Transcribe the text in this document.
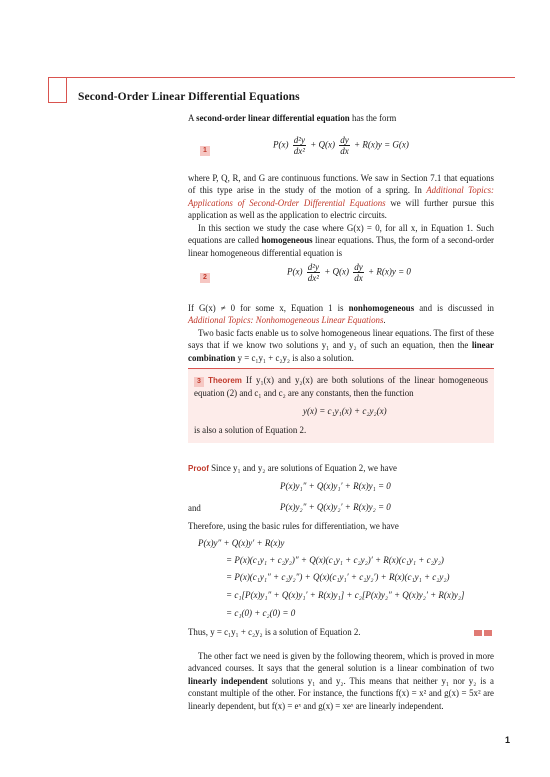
Second-Order Linear Differential Equations
A second-order linear differential equation has the form
1
$P(x) \frac{\text{d²y}}{\text{dx²}} + Q(x) \frac{dy}{dx} + R(x)y = G(x)$
where P, Q, R, and G are continuous functions. We saw in Section 7.1 that equations of this type arise in the study of the motion of a spring. In Additional Topics: Applications of Second-Order Differential Equations we will further pursue this application as well as the application to electric circuits.
In this section we study the case where G(x) = 0, for all x, in Equation 1. Such equations are called homogeneous linear equations. Thus, the form of a second-order linear homogeneous differential equation is
2
$P(x) \frac{\text{d²y}}{\text{dx²}} + Q(x) \frac{dy}{dx} + R(x)y = 0$
If G(x) ≠ 0 for some x, Equation 1 is nonhomogeneous and is discussed in Additional Topics: Nonhomogeneous Linear Equations.
Two basic facts enable us to solve homogeneous linear equations. The first of these says that if we know two solutions y₁ and y₂ of such an equation, then the linear combination y = c₁y₁ + c₂y₂ is also a solution.
3 Theorem If y₁(x) and y₂(x) are both solutions of the linear homogeneous equation (2) and c₁ and c₂ are any constants, then the function
y(x) = c₁y₁(x) + c₂y₂(x)
is also a solution of Equation 2.
Proof Since y₁ and y₂ are solutions of Equation 2, we have
P(x)y₁″ + Q(x)y₁′ + R(x)y₁ = 0
and	P(x)y₂″ + Q(x)y₂′ + R(x)y₂ = 0
Therefore, using the basic rules for differentiation, we have
P(x)y″ + Q(x)y′ + R(x)y
= P(x)(c₁y₁ + c₂y₂)″ + Q(x)(c₁y₁ + c₂y₂)′ + R(x)(c₁y₁ + c₂y₂)
= P(x)(c₁y₁″ + c₂y₂″) + Q(x)(c₁y₁′ + c₂y₂′) + R(x)(c₁y₁ + c₂y₂)
= c₁[P(x)y₁″ + Q(x)y₁′ + R(x)y₁] + c₂[P(x)y₂″ + Q(x)y₂′ + R(x)y₂]
= c₁(0) + c₂(0) = 0
Thus, y = c₁y₁ + c₂y₂ is a solution of Equation 2.
The other fact we need is given by the following theorem, which is proved in more advanced courses. It says that the general solution is a linear combination of two linearly independent solutions y₁ and y₂. This means that neither y₁ nor y₂ is a constant multiple of the other. For instance, the functions f(x) = x² and g(x) = 5x² are linearly dependent, but f(x) = eˣ and g(x) = xeˣ are linearly independent.
1
